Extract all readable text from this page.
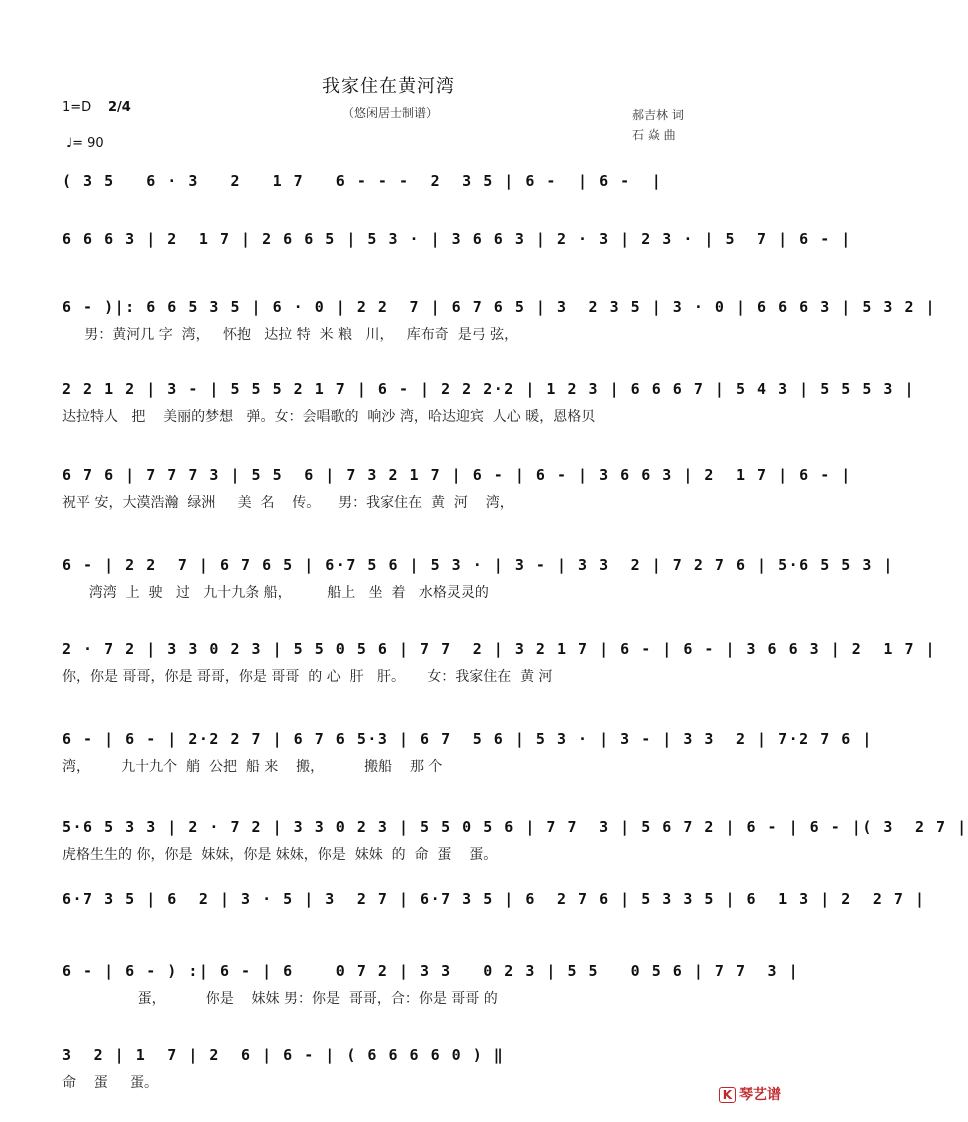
我家住在黄河湾
（悠闲居士制谱）
1=D 2/4
♩= 90
郝吉林 词
石 焱 曲
( 3 5   6 · 3   2   1 7   6 - - -  2  3 5 | 6 -  | 6 -  |
6 6 6 3 | 2  1 7 | 2 6 6 5 | 5 3 · | 3 6 6 3 | 2 · 3 | 2 3 · | 5  7 | 6 - |
6 - )|: 6 6 5 3 5 | 6 · 0 | 2 2  7 | 6 7 6 5 | 3  2 3 5 | 3 · 0 | 6 6 6 3 | 5 3 2 |
男：黄河几 字  湾，   怀抱   达拉 特  米 粮   川，   库布奇  是弓 弦，
2 2 1 2 | 3 - | 5 5 5 2 1 7 | 6 - | 2 2 2·2 | 1 2 3 | 6 6 6 7 | 5 4 3 | 5 5 5 3 |
达拉特人   把    美丽的梦想   弹。女：会唱歌的  响沙 湾，哈达迎宾  人心 暖，恩格贝
6 7 6 | 7 7 7 3 | 5 5  6 | 7 3 2 1 7 | 6 - | 6 - | 3 6 6 3 | 2  1 7 | 6 - |
祝平 安，大漠浩瀚  绿洲     美  名    传。    男：我家住在  黄  河    湾，
6 - | 2 2  7 | 6 7 6 5 | 6·7 5 6 | 5 3 · | 3 - | 3 3  2 | 7 2 7 6 | 5·6 5 5 3 |
湾湾  上  驶   过   九十九条 船，        船上   坐  着   水格灵灵的
2 · 7 2 | 3 3 0 2 3 | 5 5 0 5 6 | 7 7  2 | 3 2 1 7 | 6 - | 6 - | 3 6 6 3 | 2  1 7 |
你，你是 哥哥，你是 哥哥，你是 哥哥  的 心  肝   肝。     女：我家住在  黄 河
6 - | 6 - | 2·2 2 7 | 6 7 6 5·3 | 6 7  5 6 | 5 3 · | 3 - | 3 3  2 | 7·2 7 6 |
湾，       九十九个  艄  公把  船 来    搬，         搬船    那 个
5·6 5 3 3 | 2 · 7 2 | 3 3 0 2 3 | 5 5 0 5 6 | 7 7  3 | 5 6 7 2 | 6 - | 6 - |( 3  2 7 |
虎格生生的 你，你是  妹妹，你是 妹妹，你是  妹妹  的  命  蛋    蛋。
6·7 3 5 | 6  2 | 3 · 5 | 3  2 7 | 6·7 3 5 | 6  2 7 6 | 5 3 3 5 | 6  1 3 | 2  2 7 |
6 - | 6 - ) :| 6 - | 6    0 7 2 | 3 3   0 2 3 | 5 5   0 5 6 | 7 7  3 |
蛋，         你是    妹妹 男：你是  哥哥，合：你是 哥哥 的
3  2 | 1  7 | 2  6 | 6 - | ( 6 6 6 6 0 ) ‖
命    蛋     蛋。
K 琴艺谱
